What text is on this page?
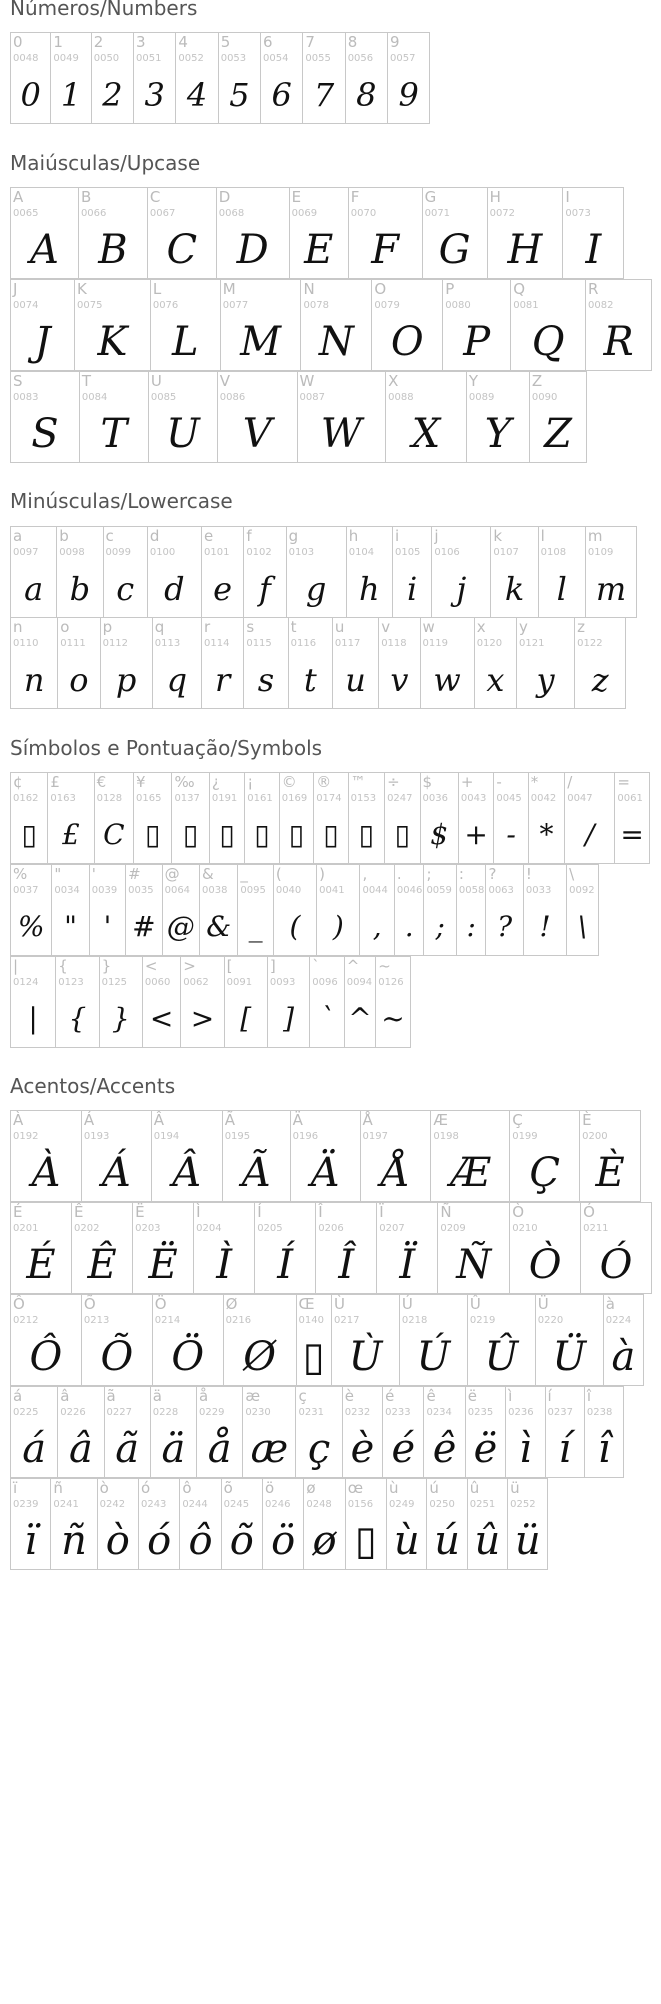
Números/Numbers
0
0048
0
1
0049
1
2
0050
2
3
0051
3
4
0052
4
5
0053
5
6
0054
6
7
0055
7
8
0056
8
9
0057
9
Maiúsculas/Upcase
A
0065
A
B
0066
B
C
0067
C
D
0068
D
E
0069
E
F
0070
F
G
0071
G
H
0072
H
I
0073
I
J
0074
J
K
0075
K
L
0076
L
M
0077
M
N
0078
N
O
0079
O
P
0080
P
Q
0081
Q
R
0082
R
S
0083
S
T
0084
T
U
0085
U
V
0086
V
W
0087
W
X
0088
X
Y
0089
Y
Z
0090
Z
Minúsculas/Lowercase
a
0097
a
b
0098
b
c
0099
c
d
0100
d
e
0101
e
f
0102
f
g
0103
g
h
0104
h
i
0105
i
j
0106
j
k
0107
k
l
0108
l
m
0109
m
n
0110
n
o
0111
o
p
0112
p
q
0113
q
r
0114
r
s
0115
s
t
0116
t
u
0117
u
v
0118
v
w
0119
w
x
0120
x
y
0121
y
z
0122
z
Símbolos e Pontuação/Symbols
¢
0162
▯
£
0163
£
€
0128
C
¥
0165
▯
‰
0137
▯
¿
0191
▯
¡
0161
▯
©
0169
▯
®
0174
▯
™
0153
▯
÷
0247
▯
$
0036
$
+
0043
+
-
0045
-
*
0042
*
/
0047
/
=
0061
=
%
0037
%
"
0034
"
'
0039
'
#
0035
#
@
0064
@
&
0038
&
_
0095
_
(
0040
(
)
0041
)
,
0044
,
.
0046
.
;
0059
;
:
0058
:
?
0063
?
!
0033
!
\
0092
\
|
0124
|
{
0123
{
}
0125
}
<
0060
<
>
0062
>
[
0091
[
]
0093
]
`
0096
`
^
0094
^
~
0126
~
Acentos/Accents
À
0192
À
Á
0193
Á
Â
0194
Â
Ã
0195
Ã
Ä
0196
Ä
Å
0197
Å
Æ
0198
Æ
Ç
0199
Ç
È
0200
È
É
0201
É
Ê
0202
Ê
Ë
0203
Ë
Ì
0204
Ì
Í
0205
Í
Î
0206
Î
Ï
0207
Ï
Ñ
0209
Ñ
Ò
0210
Ò
Ó
0211
Ó
Ô
0212
Ô
Õ
0213
Õ
Ö
0214
Ö
Ø
0216
Ø
Œ
0140
▯
Ù
0217
Ù
Ú
0218
Ú
Û
0219
Û
Ü
0220
Ü
à
0224
à
á
0225
á
â
0226
â
ã
0227
ã
ä
0228
ä
å
0229
å
æ
0230
æ
ç
0231
ç
è
0232
è
é
0233
é
ê
0234
ê
ë
0235
ë
ì
0236
ì
í
0237
í
î
0238
î
ï
0239
ï
ñ
0241
ñ
ò
0242
ò
ó
0243
ó
ô
0244
ô
õ
0245
õ
ö
0246
ö
ø
0248
ø
œ
0156
▯
ù
0249
ù
ú
0250
ú
û
0251
û
ü
0252
ü
